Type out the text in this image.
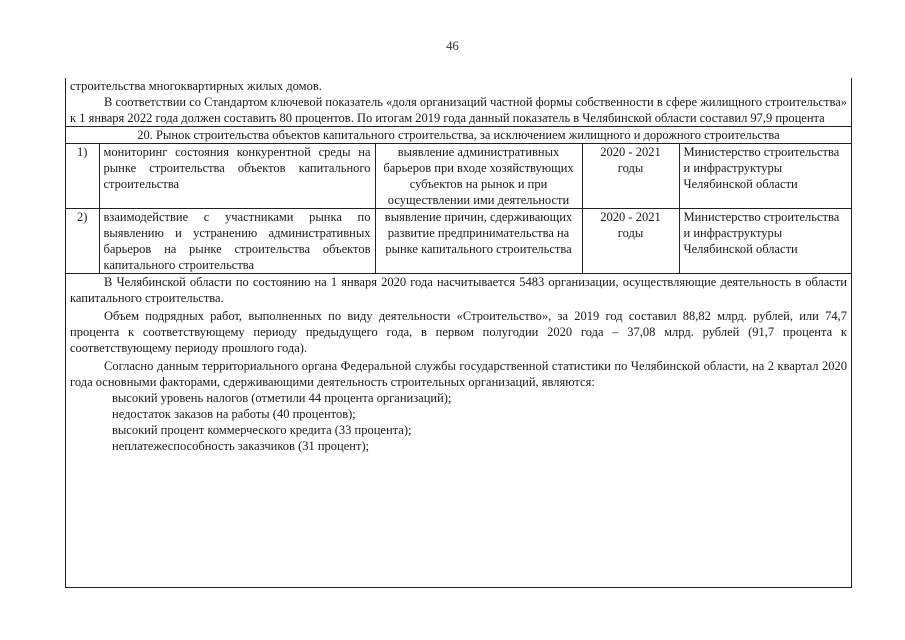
46

строительства многоквартирных жилых домов.

В соответствии со Стандартом ключевой показатель «доля организаций частной формы собственности в сфере жилищного строительства» к 1 января 2022 года должен составить 80 процентов. По итогам 2019 года данный показатель в Челябинской области составил 97,9 процента

20. Рынок строительства объектов капитального строительства, за исключением жилищного и дорожного строительства
1)	мониторинг состояния конкурентной среды на рынке строительства объектов капитального строительства	выявление административных барьеров при входе хозяйствующих субъектов на рынок и при осуществлении ими деятельности	2020 - 2021 годы	Министерство строительства и инфраструктуры Челябинской области
2)	взаимодействие с участниками рынка по выявлению и устранению административных барьеров на рынке строительства объектов капитального строительства	выявление причин, сдерживающих развитие предпринимательства на рынке капитального строительства	2020 - 2021 годы	Министерство строительства и инфраструктуры Челябинской области

В Челябинской области по состоянию на 1 января 2020 года насчитывается 5483 организации, осуществляющие деятельность в области капитального строительства.

Объем подрядных работ, выполненных по виду деятельности «Строительство», за 2019 год составил 88,82 млрд. рублей, или 74,7 процента к соответствующему периоду предыдущего года, в первом полугодии 2020 года – 37,08 млрд. рублей (91,7 процента к соответствующему периоду прошлого года).

Согласно данным территориального органа Федеральной службы государственной статистики по Челябинской области, на 2 квартал 2020 года основными факторами, сдерживающими деятельность строительных организаций, являются:

высокий уровень налогов (отметили 44 процента организаций);

недостаток заказов на работы (40 процентов);

высокий процент коммерческого кредита (33 процента);

неплатежеспособность заказчиков (31 процент);
